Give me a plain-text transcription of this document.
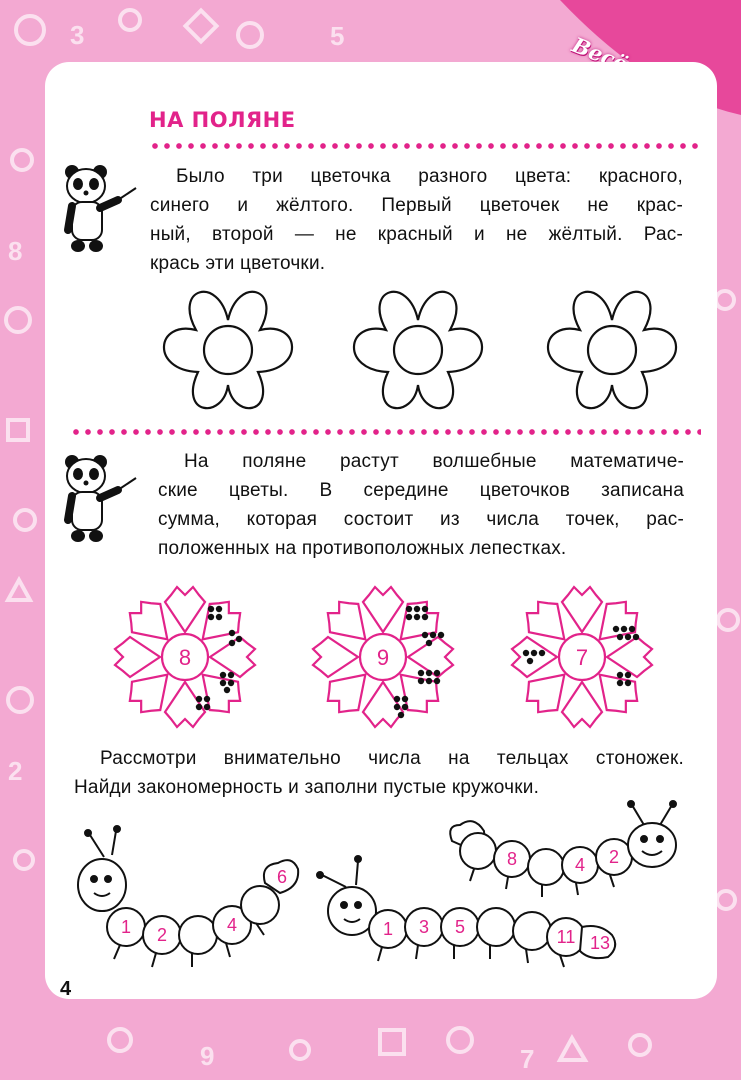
3	5
8
2
9	7
НА ПОЛЯНЕ
Было три цветочка разного цвета: красного,
синего и жёлтого. Первый цветочек не крас-
ный, второй — не красный и не жёлтый. Рас-
крась эти цветочки.
На поляне растут волшебные математиче-
ские цветы. В середине цветочков записана
сумма, которая состоит из числа точек, рас-
положенных на противоположных лепестках.
8	9	7
Рассмотри внимательно числа на тельцах стоножек.
Найди закономерность и заполни пустые кружочки.
1 2	4
6
1 3 5	11 13
8	4 2
4
